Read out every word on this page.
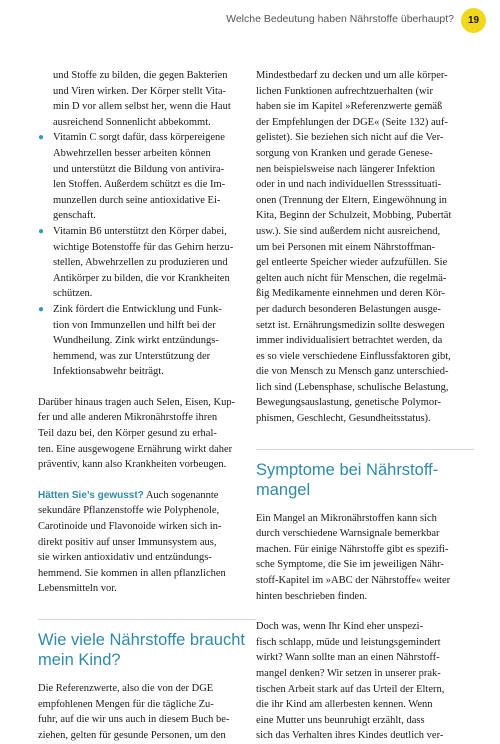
Welche Bedeutung haben Nährstoffe überhaupt?	19

und Stoffe zu bilden, die gegen Bakterien
und Viren wirken. Der Körper stellt Vita-
min D vor allem selbst her, wenn die Haut
ausreichend Sonnenlicht abbekommt.

● Vitamin C sorgt dafür, dass körpereigene
Abwehrzellen besser arbeiten können
und unterstützt die Bildung von antivira-
len Stoffen. Außerdem schützt es die Im-
munzellen durch seine antioxidative Ei-
genschaft.
● Vitamin B6 unterstützt den Körper dabei,
wichtige Botenstoffe für das Gehirn herzu-
stellen, Abwehrzellen zu produzieren und
Antikörper zu bilden, die vor Krankheiten
schützen.
● Zink fördert die Entwicklung und Funk-
tion von Immunzellen und hilft bei der
Wundheilung. Zink wirkt entzündungs-
hemmend, was zur Unterstützung der
Infektionsabwehr beiträgt.

Darüber hinaus tragen auch Selen, Eisen, Kup-
fer und alle anderen Mikronährstoffe ihren
Teil dazu bei, den Körper gesund zu erhal-
ten. Eine ausgewogene Ernährung wirkt daher
präventiv, kann also Krankheiten vorbeugen.

Hätten Sie’s gewusst? Auch sogenannte
sekundäre Pflanzenstoffe wie Polyphenole,
Carotinoide und Flavonoide wirken sich in-
direkt positiv auf unser Immunsystem aus,
sie wirken antioxidativ und entzündungs-
hemmend. Sie kommen in allen pflanzlichen
Lebensmitteln vor.

Wie viele Nährstoffe braucht
mein Kind?

Die Referenzwerte, also die von der DGE
empfohlenen Mengen für die tägliche Zu-
fuhr, auf die wir uns auch in diesem Buch be-
ziehen, gelten für gesunde Personen, um den

Mindestbedarf zu decken und um alle körper-
lichen Funktionen aufrechtzuerhalten (wir
haben sie im Kapitel »Referenzwerte gemäß
der Empfehlungen der DGE« (Seite 132) auf-
gelistet). Sie beziehen sich nicht auf die Ver-
sorgung von Kranken und gerade Genese-
nen beispielsweise nach längerer Infektion
oder in und nach individuellen Stresssituati-
onen (Trennung der Eltern, Eingewöhnung in
Kita, Beginn der Schulzeit, Mobbing, Pubertät
usw.). Sie sind außerdem nicht ausreichend,
um bei Personen mit einem Nährstoffman-
gel entleerte Speicher wieder aufzufüllen. Sie
gelten auch nicht für Menschen, die regelmä-
ßig Medikamente einnehmen und deren Kör-
per dadurch besonderen Belastungen ausge-
setzt ist. Ernährungsmedizin sollte deswegen
immer individualisiert betrachtet werden, da
es so viele verschiedene Einflussfaktoren gibt,
die von Mensch zu Mensch ganz unterschied-
lich sind (Lebensphase, schulische Belastung,
Bewegungsauslastung, genetische Polymor-
phismen, Geschlecht, Gesundheitsstatus).

Symptome bei Nährstoff-
mangel

Ein Mangel an Mikronährstoffen kann sich
durch verschiedene Warnsignale bemerkbar
machen. Für einige Nährstoffe gibt es spezifi-
sche Symptome, die Sie im jeweiligen Nähr-
stoff-Kapitel im »ABC der Nährstoffe« weiter
hinten beschrieben finden.

Doch was, wenn Ihr Kind eher unspezi-
fisch schlapp, müde und leistungsgemindert
wirkt? Wann sollte man an einen Nährstoff-
mangel denken? Wir setzen in unserer prak-
tischen Arbeit stark auf das Urteil der Eltern,
die ihr Kind am allerbesten kennen. Wenn
eine Mutter uns beunruhigt erzählt, dass
sich das Verhalten ihres Kindes deutlich ver-
